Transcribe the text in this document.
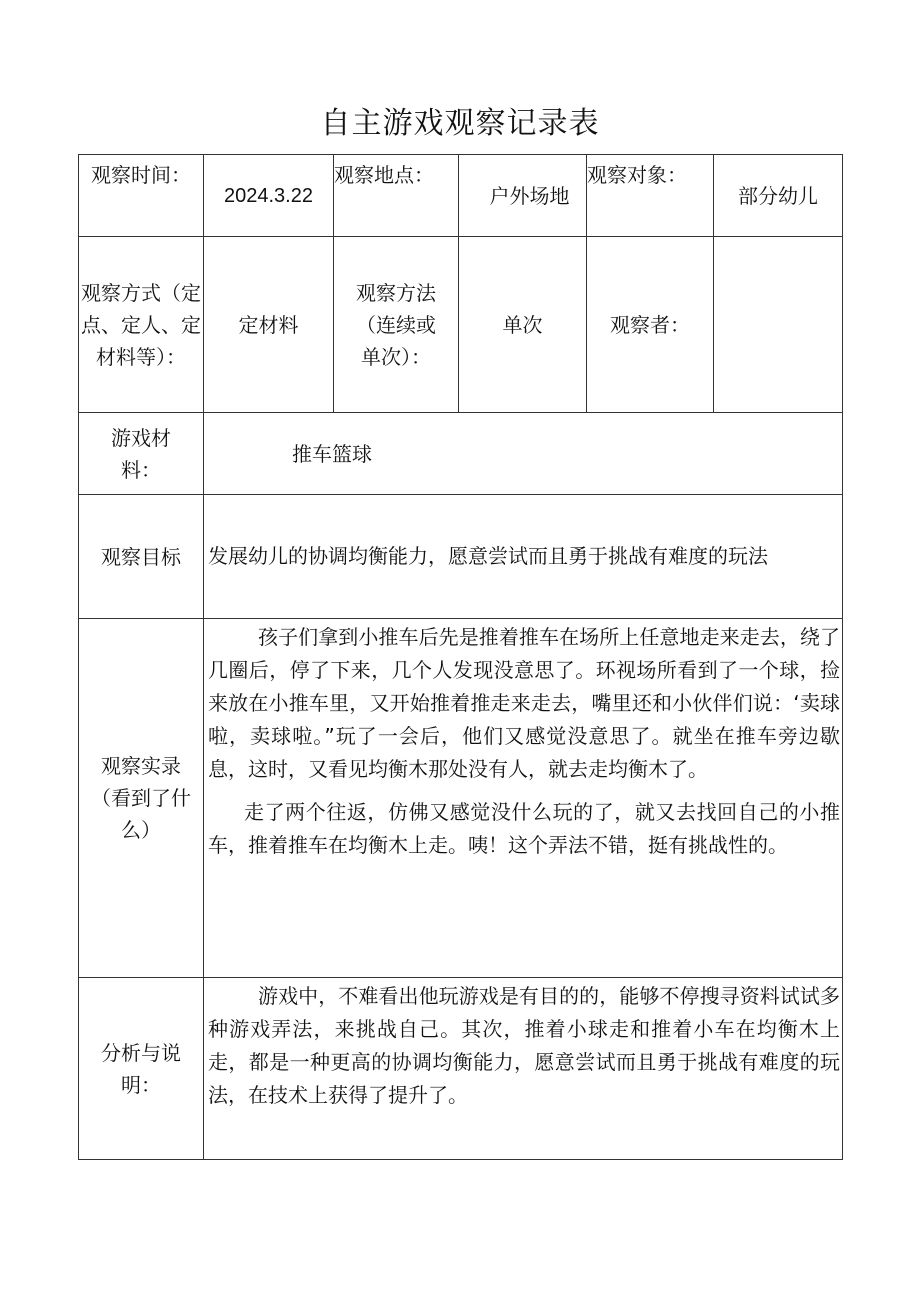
自主游戏观察记录表
观察时间：	2024.3.22	观察地点：	户外场地	观察对象：	部分幼儿
观察方式（定点、定人、定材料等）：	定材料	观察方法（连续或单次）：	单次	观察者：	
游戏材料：	推车篮球				
观察目标	发展幼儿的协调均衡能力，愿意尝试而且勇于挑战有难度的玩法				

观察实录（看到了什么）	孩子们拿到小推车后先是推着推车在场所上任意地走来走去，绕了几圈后，停了下来，几个人发现没意思了。环视场所看到了一个球，捡来放在小推车里，又开始推着推走来走去，嘴里还和小伙伴们说：‘卖球啦，卖球啦。”玩了一会后，他们又感觉没意思了。就坐在推车旁边歇息，这时，又看见均衡木那处没有人，就去走均衡木了。

走了两个往返，仿佛又感觉没什么玩的了，就又去找回自己的小推车，推着推车在均衡木上走。咦！这个弄法不错，挺有挑战性的。				

分析与说明：	游戏中，不难看出他玩游戏是有目的的，能够不停搜寻资料试试多种游戏弄法，来挑战自己。其次，推着小球走和推着小车在均衡木上走，都是一种更高的协调均衡能力，愿意尝试而且勇于挑战有难度的玩法，在技术上获得了提升了。				
